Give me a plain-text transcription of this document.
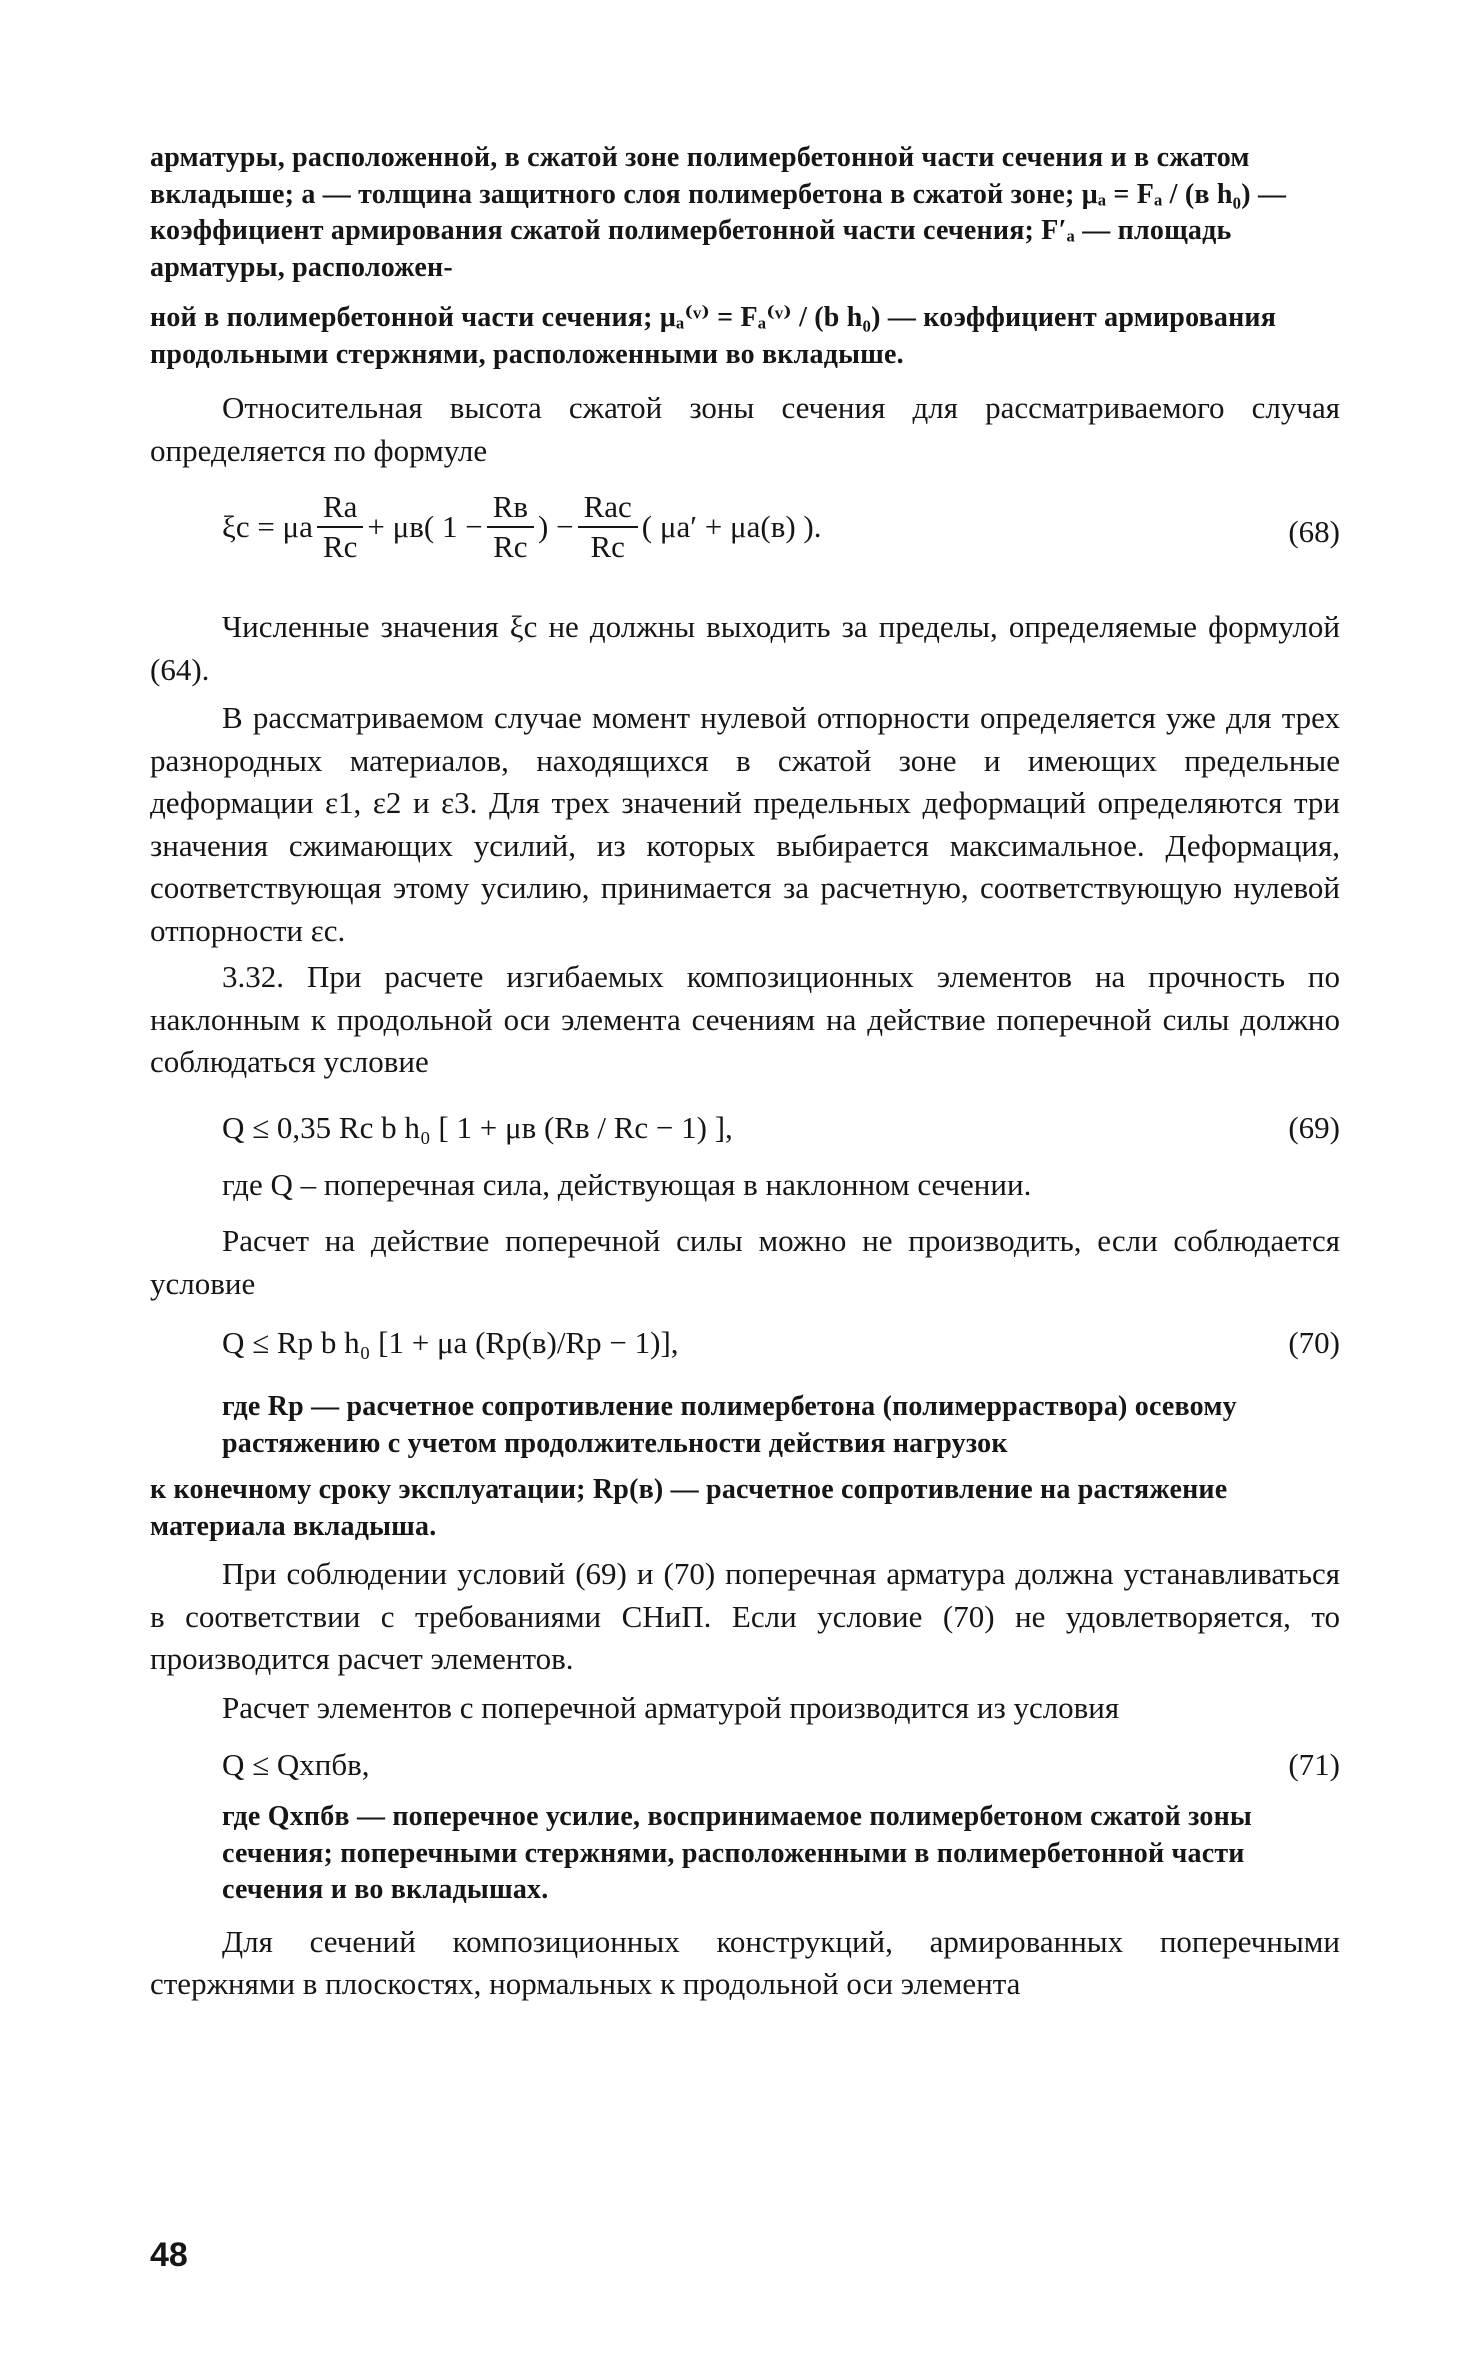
арматуры, расположенной, в сжатой зоне полимербетонной части сечения и в сжатом вкладыше; a — толщина защитного слоя полимербетона в сжатой зоне; μₐ = Fₐ / (в h₀) — коэффициент армирования сжатой полимербетонной части сечения; F′ₐ — площадь арматуры, расположен-

ной в полимербетонной части сечения; μₐ⁽ᵛ⁾ = Fₐ⁽ᵛ⁾ / (b h₀) — коэффициент армирования продольными стержнями, расположенными во вкладыше.

Относительная высота сжатой зоны сечения для рассматриваемого случая определяется по формуле

ξc = μa $\frac{Ra}{Rc} + \mu в$( $1 - \frac{Rв}{Rc}$ ) − $\frac{\text{Rac}}{Rc}$ ( μa′ + μa(в) ).	(68)

Численные значения ξc не должны выходить за пределы, определяемые формулой (64).

В рассматриваемом случае момент нулевой отпорности определяется уже для трех разнородных материалов, находящихся в сжатой зоне и имеющих предельные деформации ε1, ε2 и ε3. Для трех значений предельных деформаций определяются три значения сжимающих усилий, из которых выбирается максимальное. Деформация, соответствующая этому усилию, принимается за расчетную, соответствующую нулевой отпорности εc.

3.32. При расчете изгибаемых композиционных элементов на прочность по наклонным к продольной оси элемента сечениям на действие поперечной силы должно соблюдаться условие

Q ≤ 0,35 Rc b h₀ [ 1 + μв (Rв / Rc − 1) ],	(69)

где Q – поперечная сила, действующая в наклонном сечении.

Расчет на действие поперечной силы можно не производить, если соблюдается условие

Q ≤ Rp b h₀ [1 + μa (Rp(в)/Rp − 1)],	(70)

где Rp — расчетное сопротивление полимербетона (полимерраствора) осевому растяжению с учетом продолжительности действия нагрузок

к конечному сроку эксплуатации; Rp(в) — расчетное сопротивление на растяжение материала вкладыша.

При соблюдении условий (69) и (70) поперечная арматура должна устанавливаться в соответствии с требованиями СНиП. Если условие (70) не удовлетворяется, то производится расчет элементов.

Расчет элементов с поперечной арматурой производится из условия

Q ≤ Qхпбв,	(71)

где Qхпбв — поперечное усилие, воспринимаемое полимербетоном сжатой зоны сечения; поперечными стержнями, расположенными в полимербетонной части сечения и во вкладышах.

Для сечений композиционных конструкций, армированных поперечными стержнями в плоскостях, нормальных к продольной оси элемента

48
